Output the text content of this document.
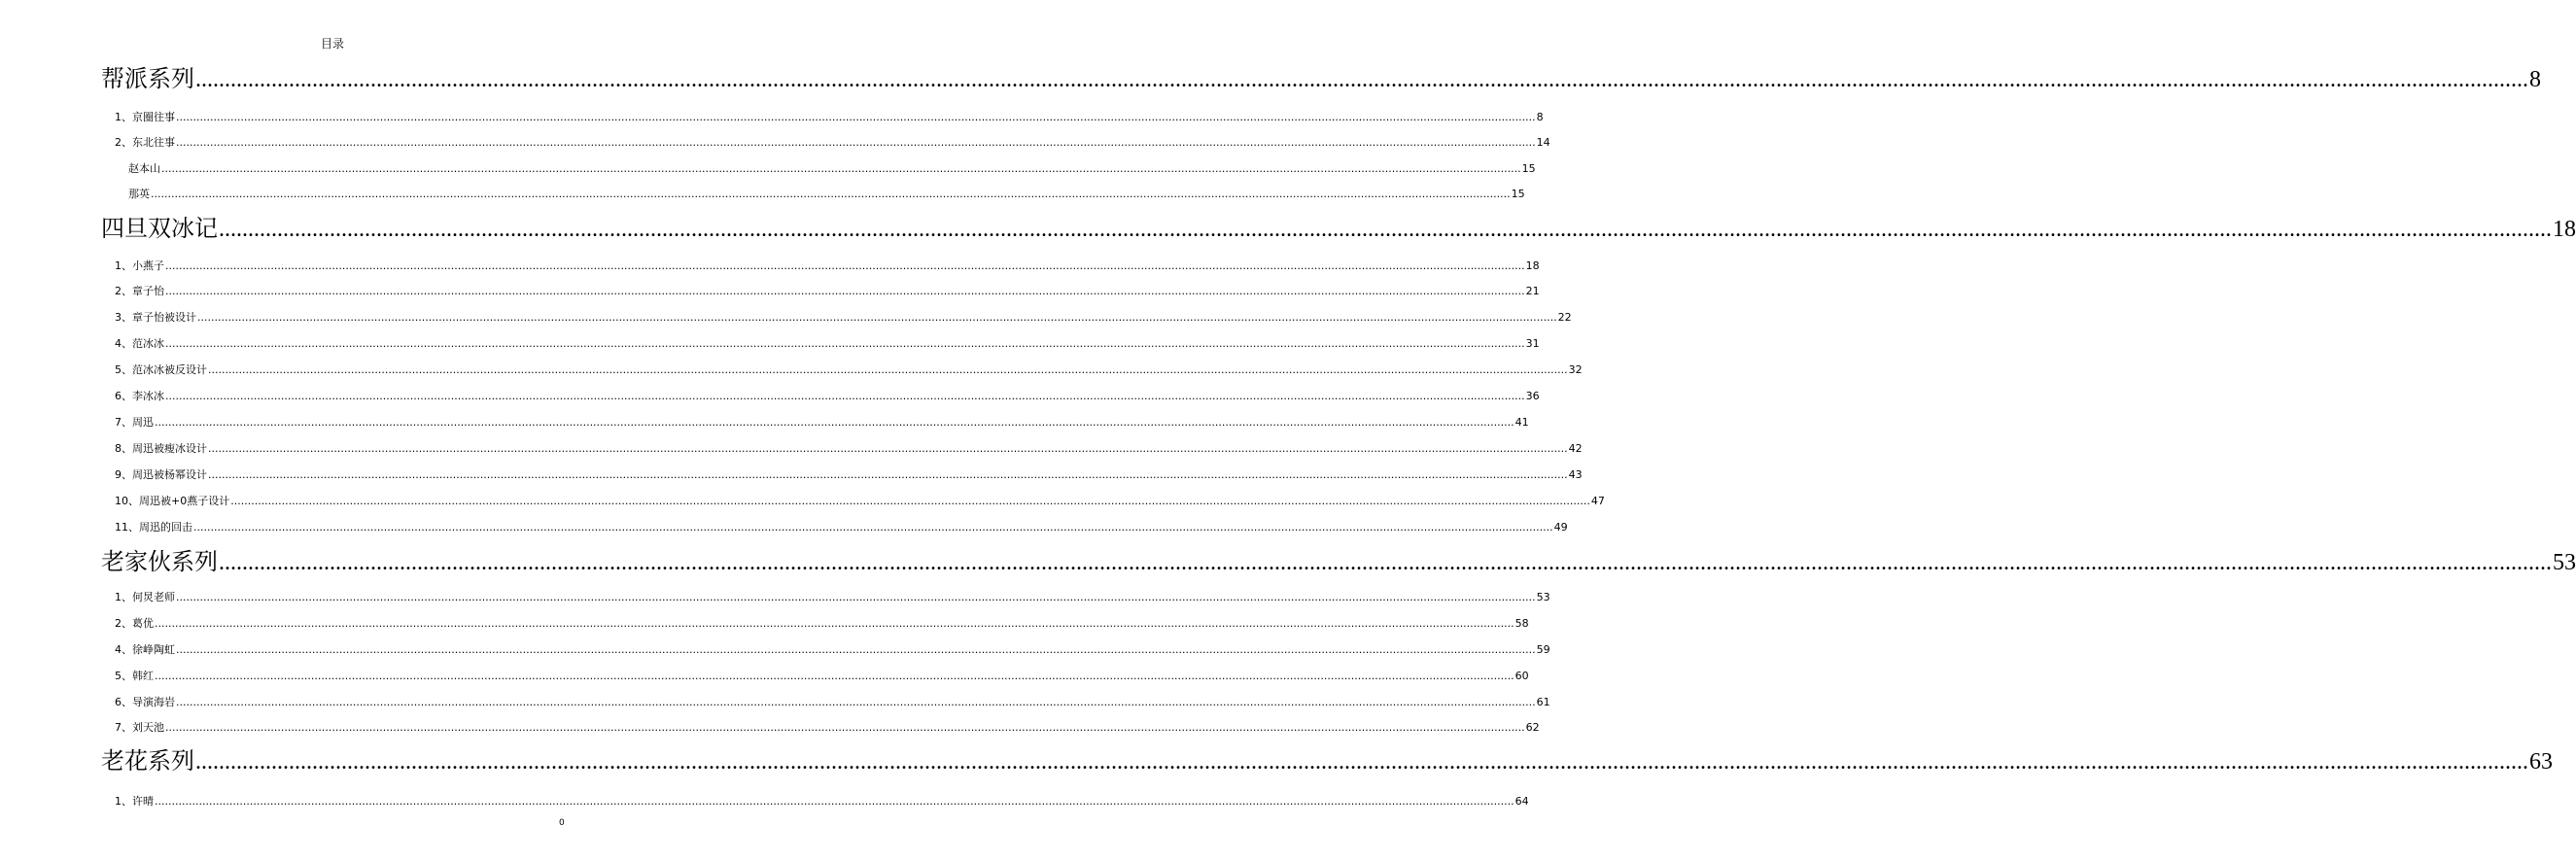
目录
帮派系列 ................................................................................................................................................................................................................................................................................................................................................................................................................ 8
1、京圈往事 ................................................................................................................................................................................................................................................................................................................................................................................................................ 8
2、东北往事 ................................................................................................................................................................................................................................................................................................................................................................................................................ 14
赵本山 ................................................................................................................................................................................................................................................................................................................................................................................................................ 15
那英 ................................................................................................................................................................................................................................................................................................................................................................................................................ 15
四旦双冰记 ................................................................................................................................................................................................................................................................................................................................................................................................................ 18
1、小燕子 ................................................................................................................................................................................................................................................................................................................................................................................................................ 18
2、章子怡 ................................................................................................................................................................................................................................................................................................................................................................................................................ 21
3、章子怡被设计 ................................................................................................................................................................................................................................................................................................................................................................................................................ 22
4、范冰冰 ................................................................................................................................................................................................................................................................................................................................................................................................................ 31
5、范冰冰被反设计 ................................................................................................................................................................................................................................................................................................................................................................................................................ 32
6、李冰冰 ................................................................................................................................................................................................................................................................................................................................................................................................................ 36
7、周迅 ................................................................................................................................................................................................................................................................................................................................................................................................................ 41
8、周迅被瘦冰设计 ................................................................................................................................................................................................................................................................................................................................................................................................................ 42
9、周迅被杨幂设计 ................................................................................................................................................................................................................................................................................................................................................................................................................ 43
10、周迅被+0燕子设计 ................................................................................................................................................................................................................................................................................................................................................................................................................ 47
11、周迅的回击 ................................................................................................................................................................................................................................................................................................................................................................................................................ 49
老家伙系列 ................................................................................................................................................................................................................................................................................................................................................................................................................ 53
1、何炅老师 ................................................................................................................................................................................................................................................................................................................................................................................................................ 53
2、葛优 ................................................................................................................................................................................................................................................................................................................................................................................................................ 58
4、徐峥陶虹 ................................................................................................................................................................................................................................................................................................................................................................................................................ 59
5、韩红 ................................................................................................................................................................................................................................................................................................................................................................................................................ 60
6、导演海岩 ................................................................................................................................................................................................................................................................................................................................................................................................................ 61
7、刘天池 ................................................................................................................................................................................................................................................................................................................................................................................................................ 62
老花系列 ................................................................................................................................................................................................................................................................................................................................................................................................................ 63
1、许晴 ................................................................................................................................................................................................................................................................................................................................................................................................................ 64
0
